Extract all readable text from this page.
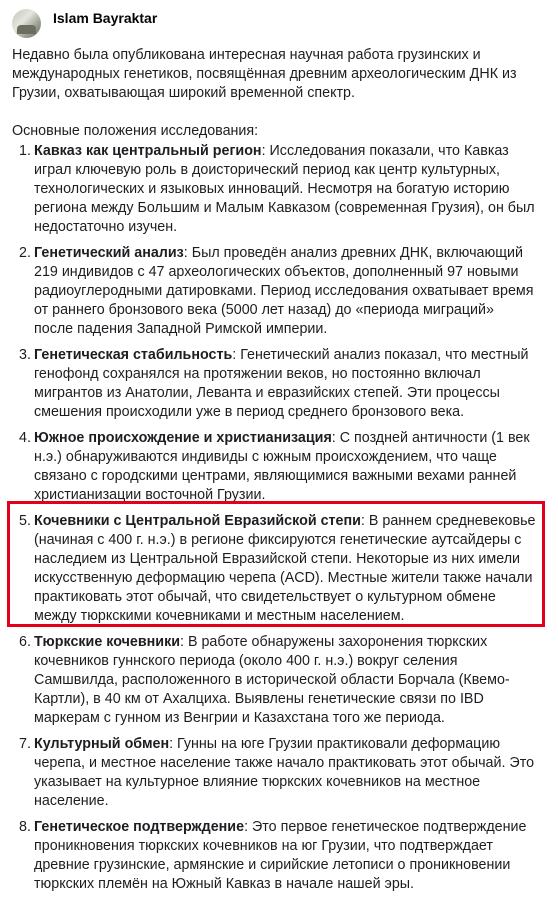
Islam Bayraktar

Недавно была опубликована интересная научная работа грузинских и международных генетиков, посвящённая древним археологическим ДНК из Грузии, охватывающая широкий временной спектр.

Основные положения исследования:

1. Кавказ как центральный регион: Исследования показали, что Кавказ играл ключевую роль в доисторический период как центр культурных, технологических и языковых инноваций. Несмотря на богатую историю региона между Большим и Малым Кавказом (современная Грузия), он был недостаточно изучен.
2. Генетический анализ: Был проведён анализ древних ДНК, включающий 219 индивидов с 47 археологических объектов, дополненный 97 новыми радиоуглеродными датировками. Период исследования охватывает время от раннего бронзового века (5000 лет назад) до «периода миграций» после падения Западной Римской империи.
3. Генетическая стабильность: Генетический анализ показал, что местный генофонд сохранялся на протяжении веков, но постоянно включал мигрантов из Анатолии, Леванта и евразийских степей. Эти процессы смешения происходили уже в период среднего бронзового века.
4. Южное происхождение и христианизация: С поздней античности (1 век н.э.) обнаруживаются индивиды с южным происхождением, что чаще связано с городскими центрами, являющимися важными вехами ранней христианизации восточной Грузии.
5. Кочевники с Центральной Евразийской степи: В раннем средневековье (начиная с 400 г. н.э.) в регионе фиксируются генетические аутсайдеры с наследием из Центральной Евразийской степи. Некоторые из них имели искусственную деформацию черепа (ACD). Местные жители также начали практиковать этот обычай, что свидетельствует о культурном обмене между тюркскими кочевниками и местным населением.
6. Тюркские кочевники: В работе обнаружены захоронения тюркских кочевников гуннского периода (около 400 г. н.э.) вокруг селения Самшвилда, расположенного в исторической области Борчала (Квемо-Картли), в 40 км от Ахалциха. Выявлены генетические связи по IBD маркерам с гунном из Венгрии и Казахстана того же периода.
7. Культурный обмен: Гунны на юге Грузии практиковали деформацию черепа, и местное население также начало практиковать этот обычай. Это указывает на культурное влияние тюркских кочевников на местное население.
8. Генетическое подтверждение: Это первое генетическое подтверждение проникновения тюркских кочевников на юг Грузии, что подтверждает древние грузинские, армянские и сирийские летописи о проникновении тюркских племён на Южный Кавказ в начале нашей эры.
